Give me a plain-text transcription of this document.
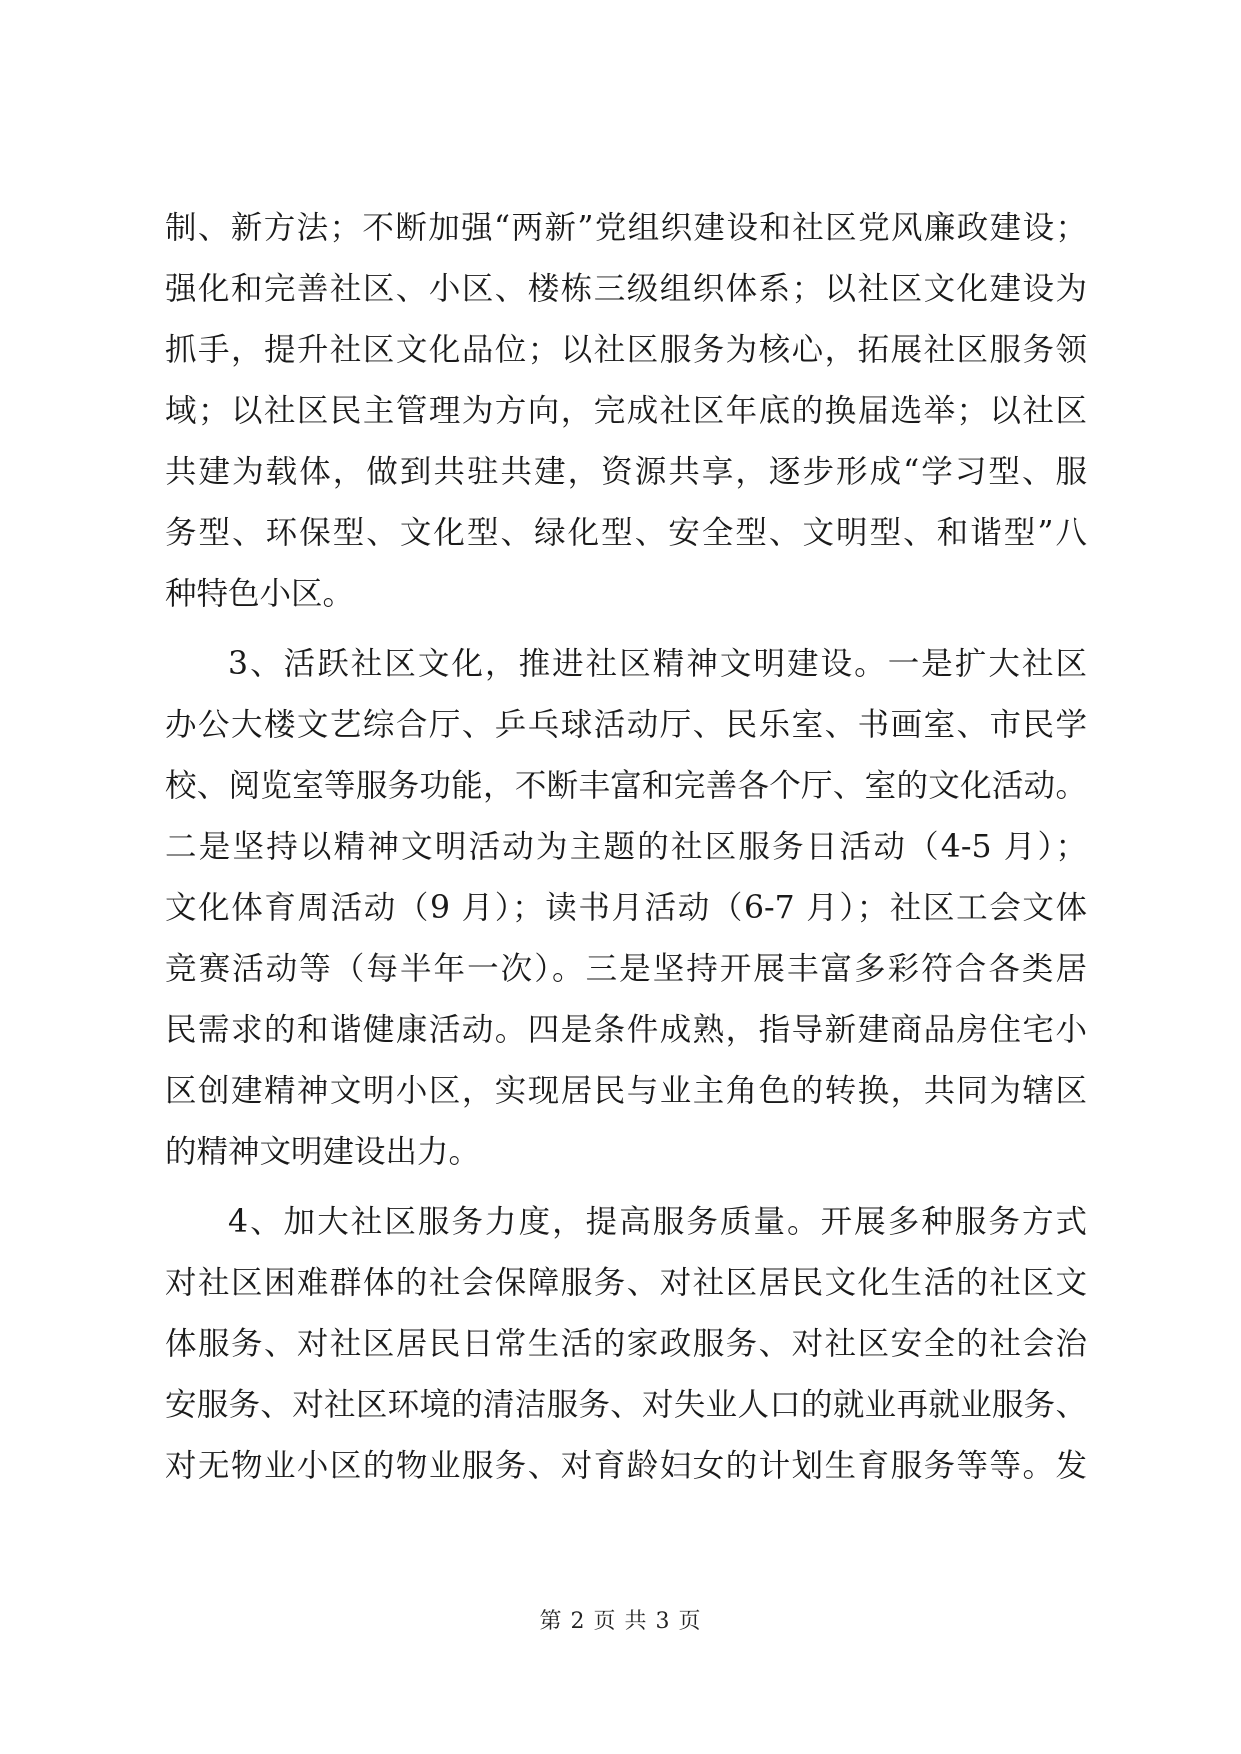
制、新方法；不断加强“两新”党组织建设和社区党风廉政建设；
强化和完善社区、小区、楼栋三级组织体系；以社区文化建设为
抓手，提升社区文化品位；以社区服务为核心，拓展社区服务领
域；以社区民主管理为方向，完成社区年底的换届选举；以社区
共建为载体，做到共驻共建，资源共享，逐步形成“学习型、服
务型、环保型、文化型、绿化型、安全型、文明型、和谐型”八
种特色小区。
3、活跃社区文化，推进社区精神文明建设。一是扩大社区
办公大楼文艺综合厅、乒乓球活动厅、民乐室、书画室、市民学
校、阅览室等服务功能，不断丰富和完善各个厅、室的文化活动。
二是坚持以精神文明活动为主题的社区服务日活动（4-5 月）；
文化体育周活动（9 月）；读书月活动（6-7 月）；社区工会文体
竞赛活动等（每半年一次）。三是坚持开展丰富多彩符合各类居
民需求的和谐健康活动。四是条件成熟，指导新建商品房住宅小
区创建精神文明小区，实现居民与业主角色的转换，共同为辖区
的精神文明建设出力。
4、加大社区服务力度，提高服务质量。开展多种服务方式
对社区困难群体的社会保障服务、对社区居民文化生活的社区文
体服务、对社区居民日常生活的家政服务、对社区安全的社会治
安服务、对社区环境的清洁服务、对失业人口的就业再就业服务、
对无物业小区的物业服务、对育龄妇女的计划生育服务等等。发
第 2 页 共 3 页
